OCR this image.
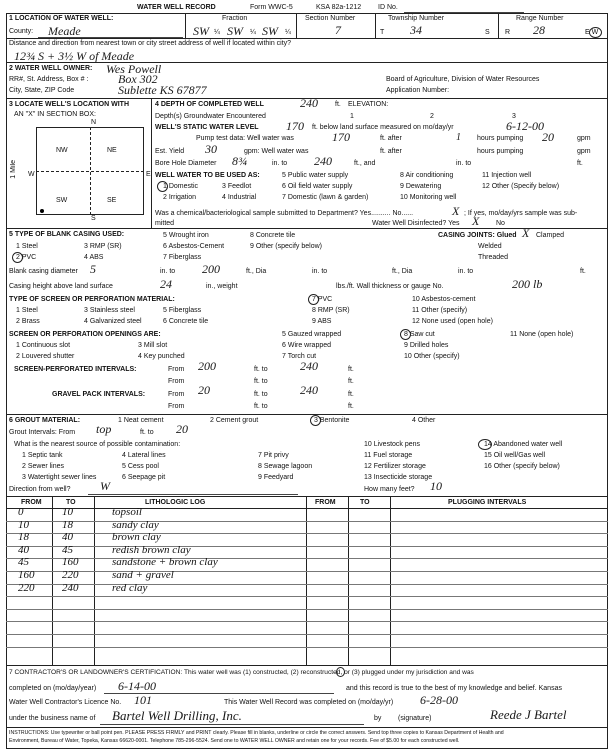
WATER WELL RECORD	Form WWC-5	KSA 82a-1212 ID No.
1 LOCATION OF WATER WELL:
County: Meade
Fraction
SW ¼ SW ¼ SW ¼
Section Number
7
Township Number
T 34	S
Range Number
R 28	E W
Distance and direction from nearest town or city street address of well if located within city?
12¾ S + 3½ W of Meade
2 WATER WELL OWNER: Wes Powell
RR#, St. Address, Box # : Box 302
City, State, ZIP Code	Sublette KS 67877
Board of Agriculture, Division of Water Resources
Application Number:
3 LOCATE WELL'S LOCATION WITH
AN "X" IN SECTION BOX:
N
S
W	E
1 Mile
NW	NE
SW	SE
4 DEPTH OF COMPLETED WELL	240 ft. ELEVATION:
Depth(s) Groundwater Encountered	1	2	3
WELL'S STATIC WATER LEVEL 170 ft. below land surface measured on mo/day/yr	6-12-00
Pump test data: Well water was	170	ft. after	1 hours pumping 20	gpm
Est. Yield 30	gpm: Well water was	ft. after	hours pumping	gpm
Bore Hole Diameter 8¾	in. to 240	ft., and	in. to	ft.
WELL WATER TO BE USED AS:
1 Domestic
2 Irrigation
3 Feedlot
4 Industrial
5 Public water supply
6 Oil field water supply
7 Domestic (lawn & garden)
8 Air conditioning
9 Dewatering
10 Monitoring well
11 Injection well
12 Other (Specify below)
Was a chemical/bacteriological sample submitted to Department? Yes.......... No......	X ; If yes, mo/day/yrs sample was sub-
mitted	Water Well Disinfected? Yes X No
5 TYPE OF BLANK CASING USED:
1 Steel
2 PVC
3 RMP (SR)
4 ABS
5 Wrought iron
6 Asbestos-Cement
7 Fiberglass
8 Concrete tile
9 Other (specify below)
CASING JOINTS: Glued X Clamped
Welded
Threaded
Blank casing diameter 5	in. to 200	ft., Dia	in. to	ft., Dia	in. to	ft.
Casing height above land surface	24	in., weight	lbs./ft. Wall thickness or gauge No.	200 lb
TYPE OF SCREEN OR PERFORATION MATERIAL:
1 Steel
2 Brass
3 Stainless steel
4 Galvanized steel
5 Fiberglass
6 Concrete tile
7 PVC
8 RMP (SR)
9 ABS
10 Asbestos-cement
11 Other (specify)
12 None used (open hole)
SCREEN OR PERFORATION OPENINGS ARE:
1 Continuous slot
2 Louvered shutter
3 Mill slot
4 Key punched
5 Gauzed wrapped
6 Wire wrapped
7 Torch cut
8 Saw cut
9 Drilled holes
10 Other (specify)
11 None (open hole)
SCREEN-PERFORATED INTERVALS:	From 200	ft. to	240	ft.
From	ft. to	ft.
GRAVEL PACK INTERVALS:	From 20	ft. to	240	ft.
From	ft. to	ft.
6 GROUT MATERIAL:	1 Neat cement	2 Cement grout	3 Bentonite	4 Other
Grout Intervals: From top	ft. to 20
What is the nearest source of possible contamination:
1 Septic tank
2 Sewer lines
3 Watertight sewer lines
4 Lateral lines
5 Cess pool
6 Seepage pit
7 Pit privy
8 Sewage lagoon
9 Feedyard
10 Livestock pens
11 Fuel storage
12 Fertilizer storage
13 Insecticide storage
14 Abandoned water well
15 Oil well/Gas well
16 Other (specify below)
Direction from well? W	How many feet? 10
FROM	TO	LITHOLOGIC LOG	FROM	TO	PLUGGING INTERVALS
0	10	topsoil
10	18	sandy clay
18	40	brown clay
40	45	redish brown clay
45	160	sandstone + brown clay
160	220	sand + gravel
220	240	red clay
7 CONTRACTOR'S OR LANDOWNER'S CERTIFICATION: This water well was (1) constructed, (2) reconstructed, or (3) plugged under my jurisdiction and was
completed on (mo/day/year) 6-14-00	and this record is true to the best of my knowledge and belief. Kansas
Water Well Contractor's Licence No. 101	This Water Well Record was completed on (mo/day/yr) 6-28-00
under the business name of Bartel Well Drilling, Inc.	by (signature)	Reede J Bartel
INSTRUCTIONS: Use typewriter or ball point pen. PLEASE PRESS FIRMLY and PRINT clearly. Please fill in blanks, underline or circle the correct answers. Send top three copies to Kansas Department of Health and
Environment, Bureau of Water, Topeka, Kansas 66620-0001. Telephone 785-296-5524. Send one to WATER WELL OWNER and retain one for your records. Fee of $5.00 for each constructed well.
